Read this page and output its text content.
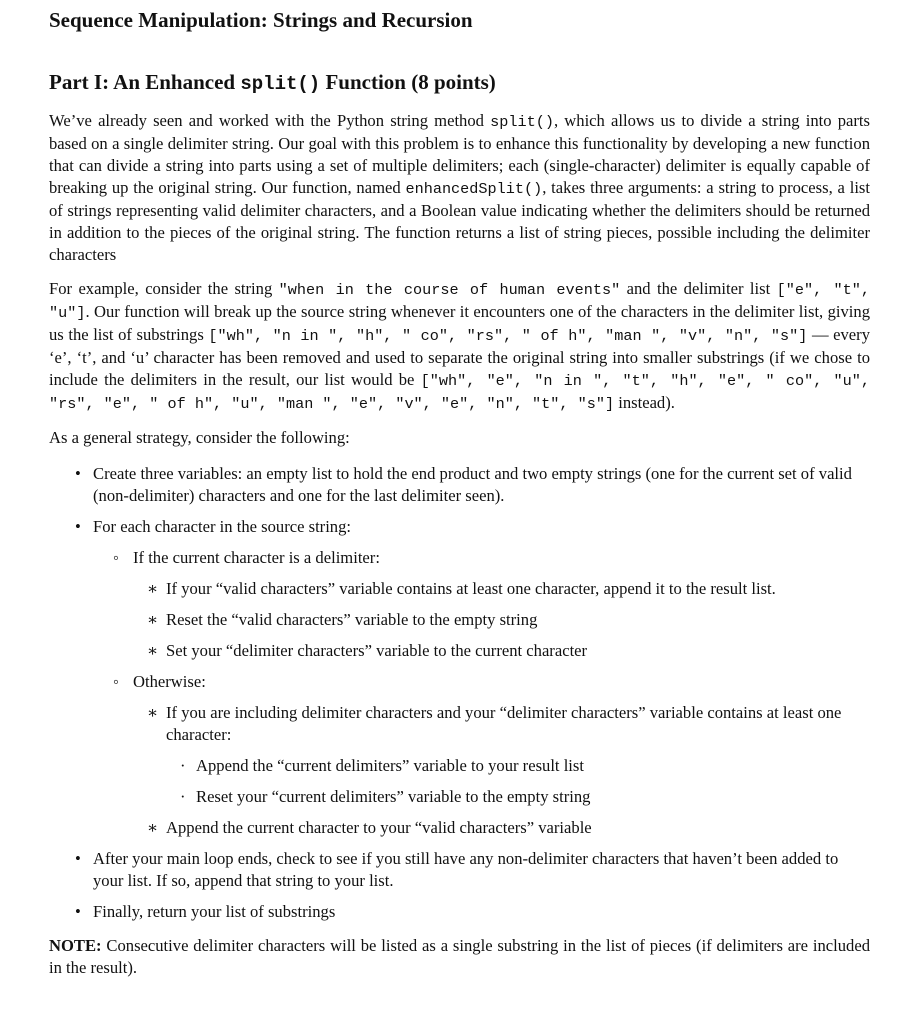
Sequence Manipulation: Strings and Recursion
Part I: An Enhanced split() Function (8 points)

We’ve already seen and worked with the Python string method split(), which allows us to divide a string into parts based on a single delimiter string. Our goal with this problem is to enhance this functionality by developing a new function that can divide a string into parts using a set of multiple delimiters; each (single-character) delimiter is equally capable of breaking up the original string. Our function, named enhancedSplit(), takes three arguments: a string to process, a list of strings representing valid delimiter characters, and a Boolean value indicating whether the delimiters should be returned in addition to the pieces of the original string. The function returns a list of string pieces, possible including the delimiter characters

For example, consider the string "when in the course of human events" and the delimiter list ["e", "t", "u"]. Our function will break up the source string whenever it encounters one of the characters in the delimiter list, giving us the list of substrings ["wh", "n in ", "h", " co", "rs", " of h", "man ", "v", "n", "s"] — every ‘e’, ‘t’, and ‘u’ character has been removed and used to separate the original string into smaller substrings (if we chose to include the delimiters in the result, our list would be ["wh", "e", "n in ", "t", "h", "e", " co", "u", "rs", "e", " of h", "u", "man ", "e", "v", "e", "n", "t", "s"] instead).

As a general strategy, consider the following:

• Create three variables: an empty list to hold the end product and two empty strings (one for the current set of valid (non-delimiter) characters and one for the last delimiter seen).
• For each character in the source string:
◦ If the current character is a delimiter:
∗ If your “valid characters” variable contains at least one character, append it to the result list.
∗ Reset the “valid characters” variable to the empty string
∗ Set your “delimiter characters” variable to the current character
◦ Otherwise:
∗ If you are including delimiter characters and your “delimiter characters” variable contains at least one character:
· Append the “current delimiters” variable to your result list
· Reset your “current delimiters” variable to the empty string
∗ Append the current character to your “valid characters” variable
• After your main loop ends, check to see if you still have any non-delimiter characters that haven’t been added to your list. If so, append that string to your list.
• Finally, return your list of substrings

NOTE: Consecutive delimiter characters will be listed as a single substring in the list of pieces (if delimiters are included in the result).
